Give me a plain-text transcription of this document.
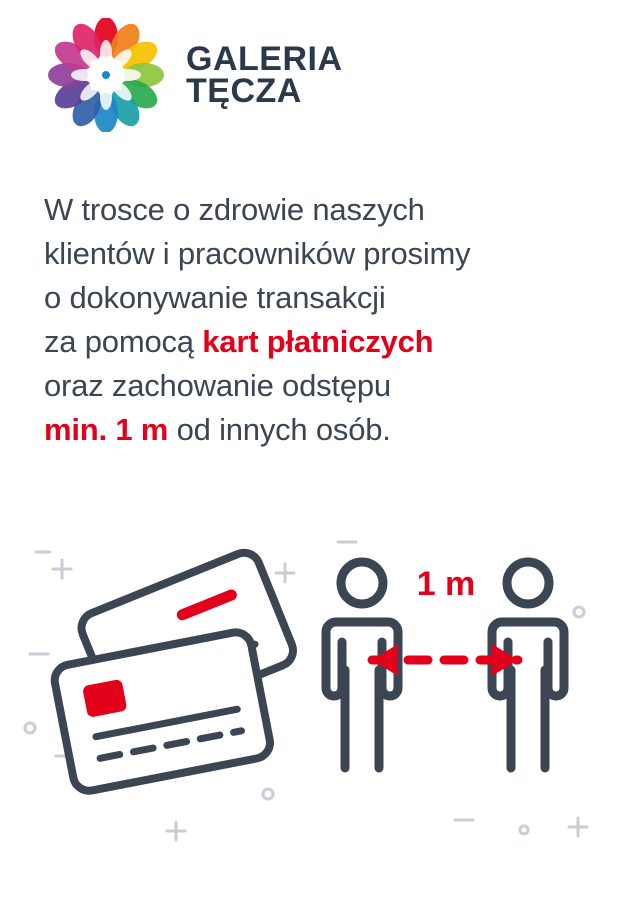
GALERIA
TĘCZA
W trosce o zdrowie naszych
klientów i pracowników prosimy
o dokonywanie transakcji
za pomocą kart płatniczych
oraz zachowanie odstępu
min. 1 m od innych osób.
1 m
